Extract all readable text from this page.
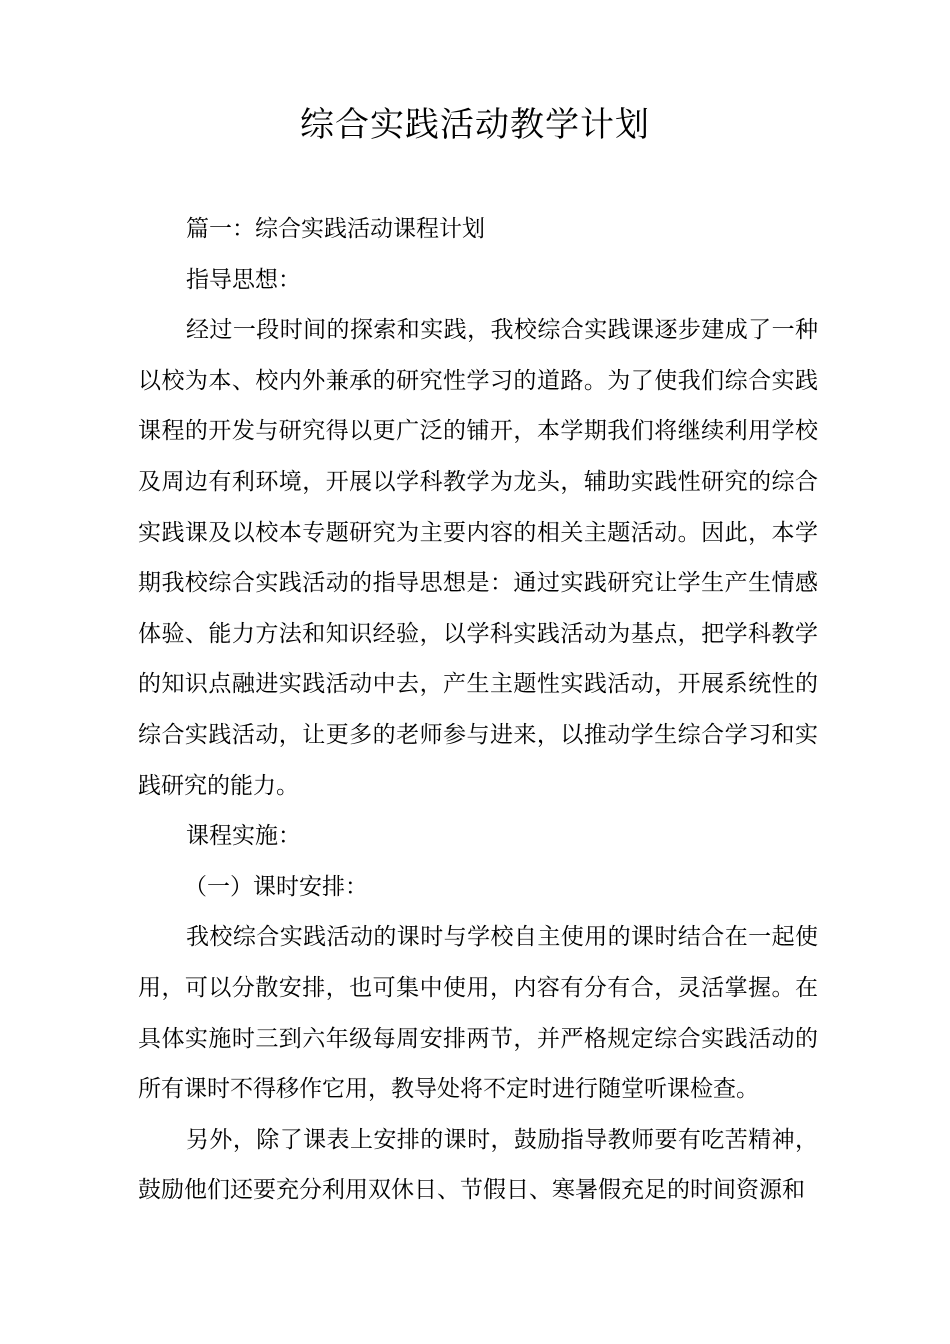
综合实践活动教学计划

篇一：综合实践活动课程计划

指导思想：

经过一段时间的探索和实践，我校综合实践课逐步建成了一种以校为本、校内外兼承的研究性学习的道路。为了使我们综合实践课程的开发与研究得以更广泛的铺开，本学期我们将继续利用学校及周边有利环境，开展以学科教学为龙头，辅助实践性研究的综合实践课及以校本专题研究为主要内容的相关主题活动。因此，本学期我校综合实践活动的指导思想是：通过实践研究让学生产生情感体验、能力方法和知识经验，以学科实践活动为基点，把学科教学的知识点融进实践活动中去，产生主题性实践活动，开展系统性的综合实践活动，让更多的老师参与进来，以推动学生综合学习和实践研究的能力。

课程实施：

（一）课时安排：

我校综合实践活动的课时与学校自主使用的课时结合在一起使用，可以分散安排，也可集中使用，内容有分有合，灵活掌握。在具体实施时三到六年级每周安排两节，并严格规定综合实践活动的所有课时不得移作它用，教导处将不定时进行随堂听课检查。

另外，除了课表上安排的课时，鼓励指导教师要有吃苦精神，鼓励他们还要充分利用双休日、节假日、寒暑假充足的时间资源和
